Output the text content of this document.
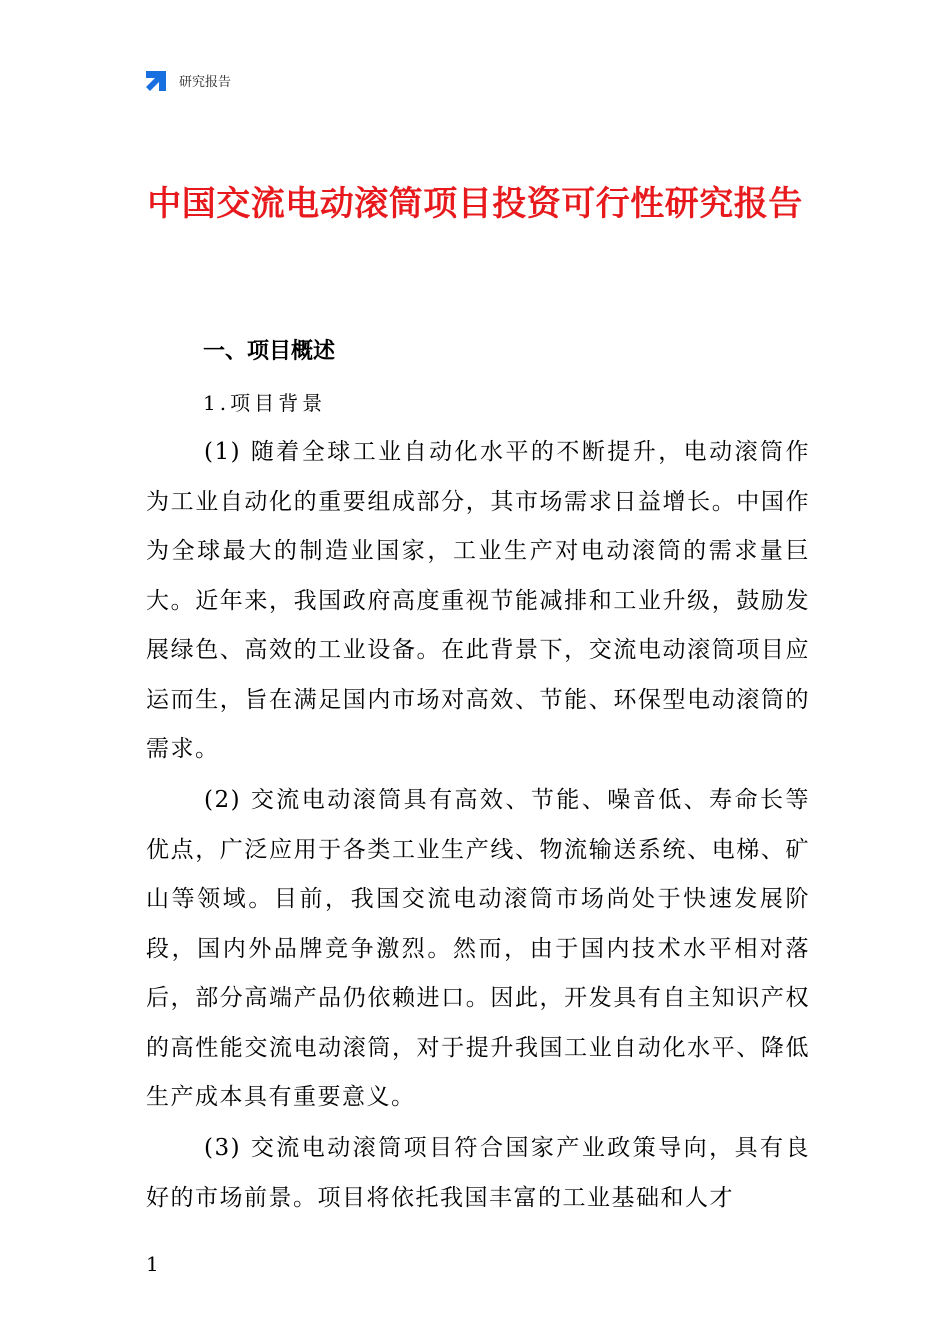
研究报告
中国交流电动滚筒项目投资可行性研究报告
一、项目概述
1.项目背景

(1) 随着全球工业自动化水平的不断提升，电动滚筒作为工业自动化的重要组成部分，其市场需求日益增长。中国作为全球最大的制造业国家，工业生产对电动滚筒的需求量巨大。近年来，我国政府高度重视节能减排和工业升级，鼓励发展绿色、高效的工业设备。在此背景下，交流电动滚筒项目应运而生，旨在满足国内市场对高效、节能、环保型电动滚筒的需求。

(2) 交流电动滚筒具有高效、节能、噪音低、寿命长等优点，广泛应用于各类工业生产线、物流输送系统、电梯、矿山等领域。目前，我国交流电动滚筒市场尚处于快速发展阶段，国内外品牌竞争激烈。然而，由于国内技术水平相对落后，部分高端产品仍依赖进口。因此，开发具有自主知识产权的高性能交流电动滚筒，对于提升我国工业自动化水平、降低生产成本具有重要意义。

(3) 交流电动滚筒项目符合国家产业政策导向，具有良好的市场前景。项目将依托我国丰富的工业基础和人才

1
